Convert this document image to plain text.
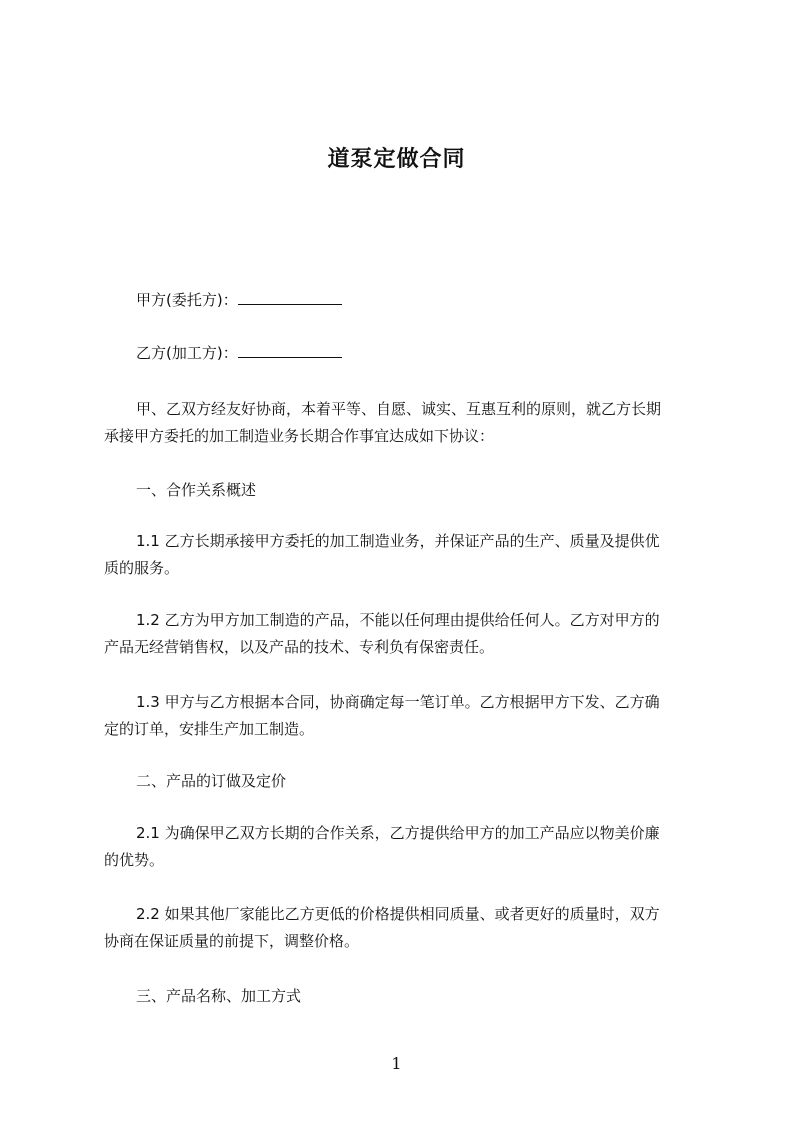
道泵定做合同
甲方(委托方)：
乙方(加工方)：
甲、乙双方经友好协商，本着平等、自愿、诚实、互惠互利的原则，就乙方长期
承接甲方委托的加工制造业务长期合作事宜达成如下协议：
一、合作关系概述
1.1 乙方长期承接甲方委托的加工制造业务，并保证产品的生产、质量及提供优
质的服务。
1.2 乙方为甲方加工制造的产品，不能以任何理由提供给任何人。乙方对甲方的
产品无经营销售权，以及产品的技术、专利负有保密责任。
1.3 甲方与乙方根据本合同，协商确定每一笔订单。乙方根据甲方下发、乙方确
定的订单，安排生产加工制造。
二、产品的订做及定价
2.1 为确保甲乙双方长期的合作关系，乙方提供给甲方的加工产品应以物美价廉
的优势。
2.2 如果其他厂家能比乙方更低的价格提供相同质量、或者更好的质量时，双方
协商在保证质量的前提下，调整价格。
三、产品名称、加工方式
1
